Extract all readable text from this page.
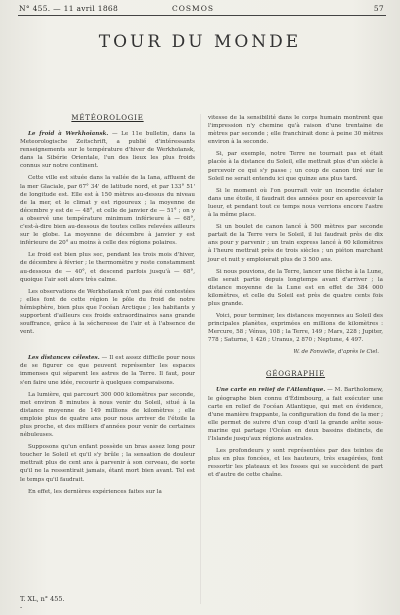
N° 455. — 11 avril 1868	COSMOS	57
TOUR DU MONDE
MÉTÉOROLOGIE

Le froid à Werkhoïansk. — Le 11e bulletin, dans la Meteorologische Zeitschrift, a publié d'intéressants renseignements sur le température d'hiver de Werkhoïansk, dans la Sibérie Orientale, l'un des lieux les plus froids connus sur notre continent.

Cette ville est située dans la vallée de la Iana, affluent de la mer Glaciale, par 67° 34' de latitude nord, et par 133° 51' de longitude est. Elle est à 150 mètres au-dessus du niveau de la mer, et le climat y est rigoureux ; la moyenne de décembre y est de — 48°, et celle de janvier de — 51° ; on y a observé une température minimum inférieure à — 68°, c'est-à-dire bien au-dessous de toutes celles relevées ailleurs sur le globe. La moyenne de décembre à janvier y est inférieure de 20° au moins à celle des régions polaires.

Le froid est bien plus sec, pendant les trois mois d'hiver, de décembre à février ; le thermomètre y reste constamment au-dessous de — 40°, et descend parfois jusqu'à — 68°, quoique l'air soit alors très calme.

Les observations de Werkhoïansk n'ont pas été contestées ; elles font de cette région le pôle du froid de notre hémisphère, bien plus que l'océan Arctique ; les habitants y supportent d'ailleurs ces froids extraordinaires sans grande souffrance, grâce à la sécheresse de l'air et à l'absence de vent.

Les distances célestes. — Il est assez difficile pour nous de se figurer ce que peuvent représenter les espaces immenses qui séparent les astres de la Terre. Il faut, pour s'en faire une idée, recourir à quelques comparaisons.

La lumière, qui parcourt 300 000 kilomètres par seconde, met environ 8 minutes à nous venir du Soleil, situé à la distance moyenne de 149 millions de kilomètres ; elle emploie plus de quatre ans pour nous arriver de l'étoile la plus proche, et des milliers d'années pour venir de certaines nébuleuses.

Supposons qu'un enfant possède un bras assez long pour toucher le Soleil et qu'il s'y brûle ; la sensation de douleur mettrait plus de cent ans à parvenir à son cerveau, de sorte qu'il ne la ressentirait jamais, étant mort bien avant. Tel est le temps qu'il faudrait.

En effet, les dernières expériences faites sur la

vitesse de la sensibilité dans le corps humain montrent que l'impression n'y chemine qu'à raison d'une trentaine de mètres par seconde ; elle franchirait donc à peine 30 mètres environ à la seconde.

Si, par exemple, notre Terre ne tournait pas et était placée à la distance du Soleil, elle mettrait plus d'un siècle à percevoir ce qui s'y passe ; un coup de canon tiré sur le Soleil ne serait entendu ici que quinze ans plus tard.

Si le moment où l'on pourrait voir un incendie éclater dans une étoile, il faudrait des années pour en apercevoir la lueur, et pendant tout ce temps nous verrions encore l'astre à la même place.

Si un boulet de canon lancé à 500 mètres par seconde partait de la Terre vers le Soleil, il lui faudrait près de dix ans pour y parvenir ; un train express lancé à 60 kilomètres à l'heure mettrait près de trois siècles ; un piéton marchant jour et nuit y emploierait plus de 3 500 ans.

Si nous pouvions, de la Terre, lancer une flèche à la Lune, elle serait partie depuis longtemps avant d'arriver ; la distance moyenne de la Lune est en effet de 384 000 kilomètres, et celle du Soleil est près de quatre cents fois plus grande.

Voici, pour terminer, les distances moyennes au Soleil des principales planètes, exprimées en millions de kilomètres : Mercure, 58 ; Vénus, 108 ; la Terre, 149 ; Mars, 228 ; Jupiter, 778 ; Saturne, 1 426 ; Uranus, 2 870 ; Neptune, 4 497.

W. de Fonvielle, d'après le Ciel.
GÉOGRAPHIE

Une carte en relief de l'Atlantique. — M. Bartholomew, le géographe bien connu d'Édimbourg, a fait exécuter une carte en relief de l'océan Atlantique, qui met en évidence, d'une manière frappante, la configuration du fond de la mer ; elle permet de suivre d'un coup d'œil la grande arête sous-marine qui partage l'Océan en deux bassins distincts, de l'Islande jusqu'aux régions australes.

Les profondeurs y sont représentées par des teintes de plus en plus foncées, et les hauteurs, très exagérées, font ressortir les plateaux et les fosses qui se succèdent de part et d'autre de cette chaîne.

T. XL, n° 455.
-
